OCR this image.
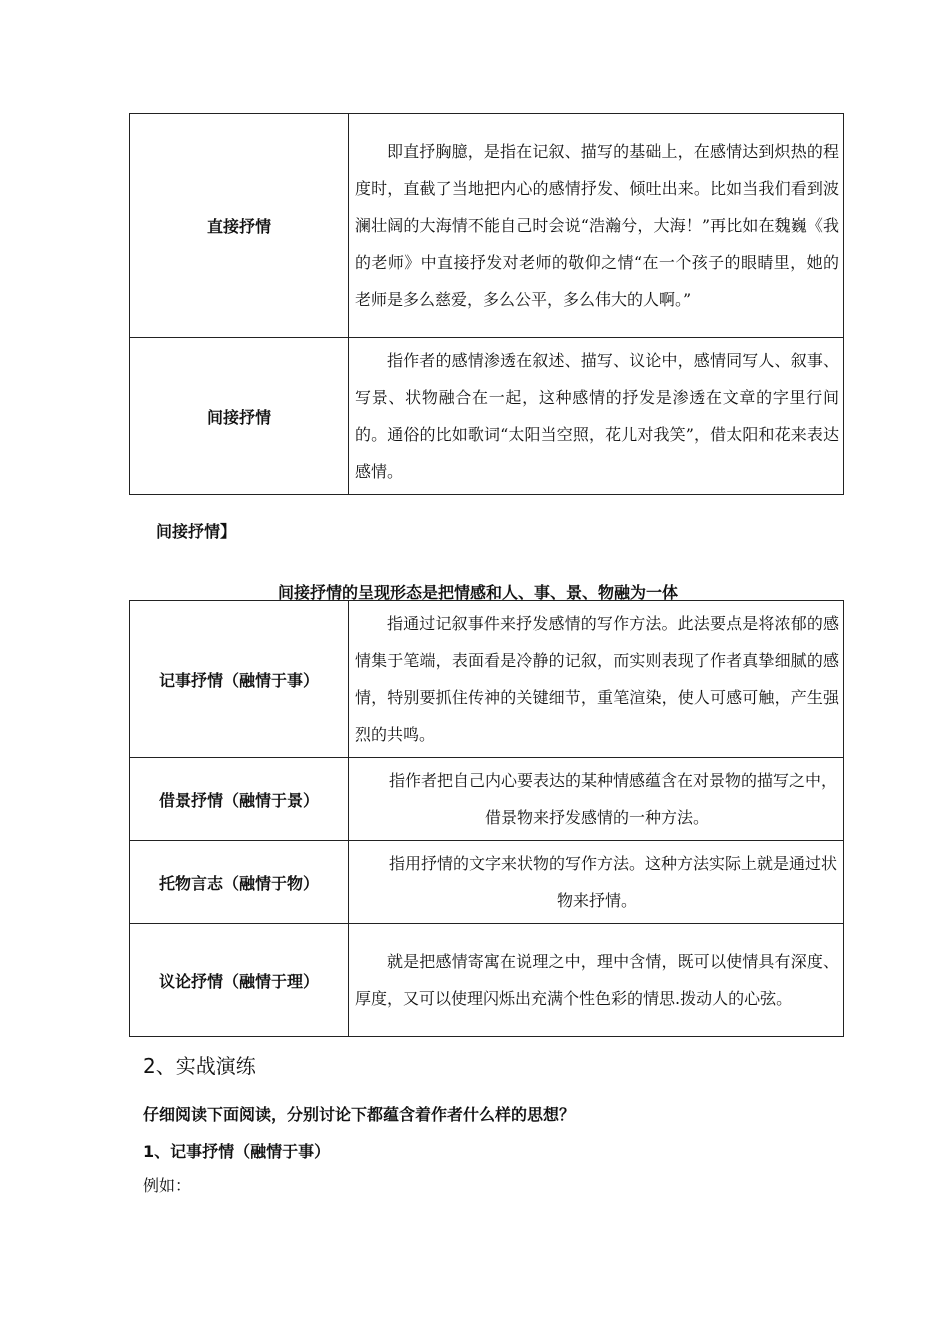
直接抒情	即直抒胸臆，是指在记叙、描写的基础上，在感情达到炽热的程度时，直截了当地把内心的感情抒发、倾吐出来。比如当我们看到波澜壮阔的大海情不能自己时会说“浩瀚兮，大海！”再比如在魏巍《我的老师》中直接抒发对老师的敬仰之情“在一个孩子的眼睛里，她的老师是多么慈爱，多么公平，多么伟大的人啊。”

间接抒情	指作者的感情渗透在叙述、描写、议论中，感情同写人、叙事、写景、状物融合在一起，这种感情的抒发是渗透在文章的字里行间的。通俗的比如歌词“太阳当空照，花儿对我笑”，借太阳和花来表达感情。
间接抒情】
间接抒情的呈现形态是把情感和人、事、景、物融为一体
记事抒情（融情于事）	指通过记叙事件来抒发感情的写作方法。此法要点是将浓郁的感情集于笔端，表面看是冷静的记叙，而实则表现了作者真挚细腻的感情，特别要抓住传神的关键细节，重笔渲染，使人可感可触，产生强烈的共鸣。

借景抒情（融情于景）	指作者把自己内心要表达的某种情感蕴含在对景物的描写之中，借景物来抒发感情的一种方法。

托物言志（融情于物）	指用抒情的文字来状物的写作方法。这种方法实际上就是通过状物来抒情。

议论抒情（融情于理）	就是把感情寄寓在说理之中，理中含情，既可以使情具有深度、厚度，又可以使理闪烁出充满个性色彩的情思.拨动人的心弦。
2、实战演练
仔细阅读下面阅读，分别讨论下都蕴含着作者什么样的思想？
1、记事抒情（融情于事）
例如：
